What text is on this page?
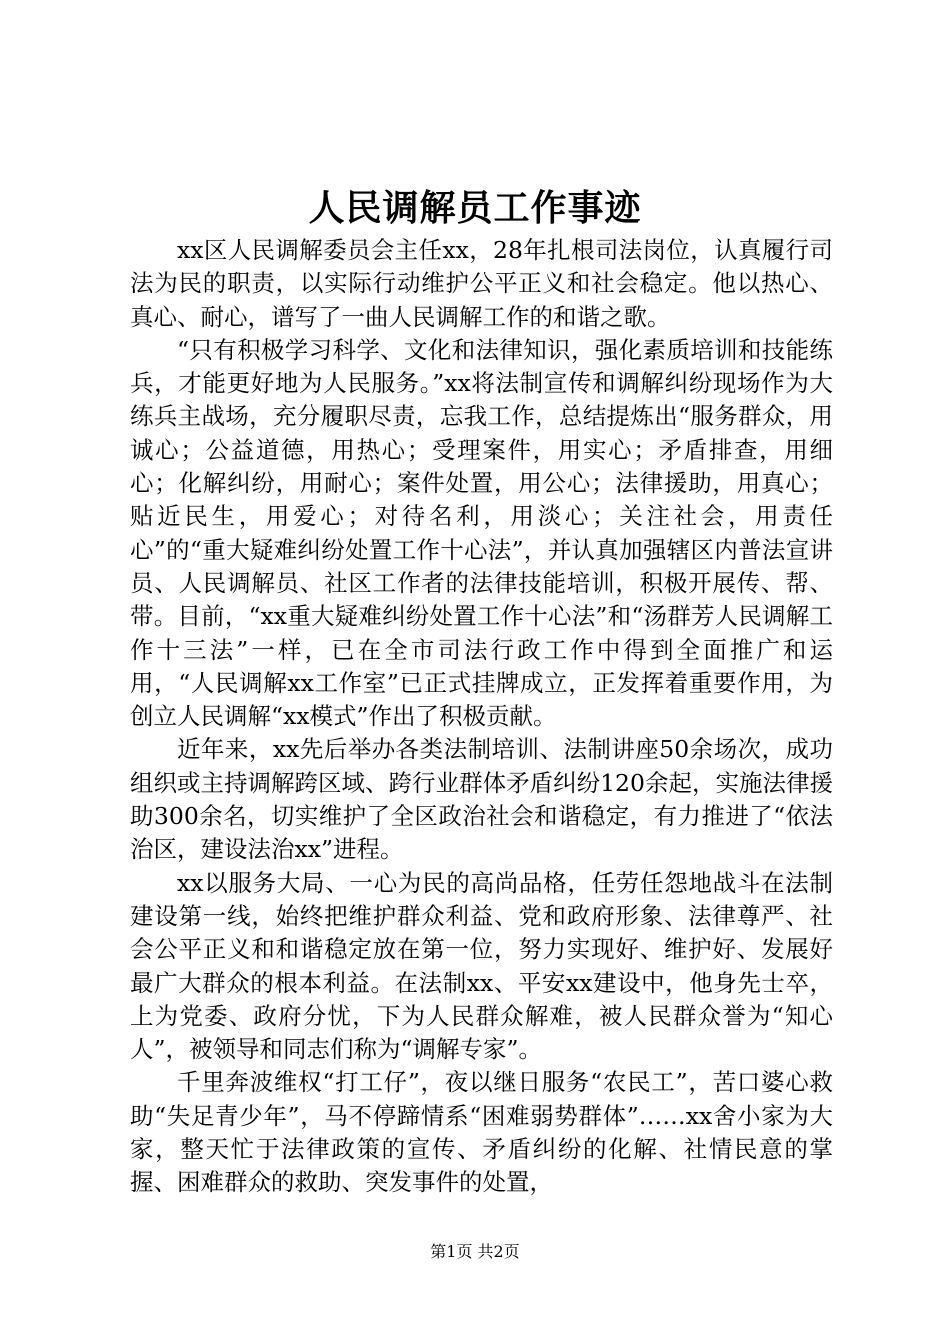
人民调解员工作事迹

xx区人民调解委员会主任xx，28年扎根司法岗位，认真履行司法为民的职责，以实际行动维护公平正义和社会稳定。他以热心、真心、耐心，谱写了一曲人民调解工作的和谐之歌。

“只有积极学习科学、文化和法律知识，强化素质培训和技能练兵，才能更好地为人民服务。”xx将法制宣传和调解纠纷现场作为大练兵主战场，充分履职尽责，忘我工作，总结提炼出“服务群众，用诚心；公益道德，用热心；受理案件，用实心；矛盾排查，用细心；化解纠纷，用耐心；案件处置，用公心；法律援助，用真心；贴近民生，用爱心；对待名利，用淡心；关注社会，用责任心”的“重大疑难纠纷处置工作十心法”，并认真加强辖区内普法宣讲员、人民调解员、社区工作者的法律技能培训，积极开展传、帮、带。目前，“xx重大疑难纠纷处置工作十心法”和“汤群芳人民调解工作十三法”一样，已在全市司法行政工作中得到全面推广和运用，“人民调解xx工作室”已正式挂牌成立，正发挥着重要作用，为创立人民调解“xx模式”作出了积极贡献。

近年来，xx先后举办各类法制培训、法制讲座50余场次，成功组织或主持调解跨区域、跨行业群体矛盾纠纷120余起，实施法律援助300余名，切实维护了全区政治社会和谐稳定，有力推进了“依法治区，建设法治xx”进程。

xx以服务大局、一心为民的高尚品格，任劳任怨地战斗在法制建设第一线，始终把维护群众利益、党和政府形象、法律尊严、社会公平正义和和谐稳定放在第一位，努力实现好、维护好、发展好最广大群众的根本利益。在法制xx、平安xx建设中，他身先士卒，上为党委、政府分忧，下为人民群众解难，被人民群众誉为“知心人”，被领导和同志们称为“调解专家”。

千里奔波维权“打工仔”，夜以继日服务“农民工”，苦口婆心救助“失足青少年”，马不停蹄情系“困难弱势群体”……xx舍小家为大家，整天忙于法律政策的宣传、矛盾纠纷的化解、社情民意的掌握、困难群众的救助、突发事件的处置，

第1页 共2页
